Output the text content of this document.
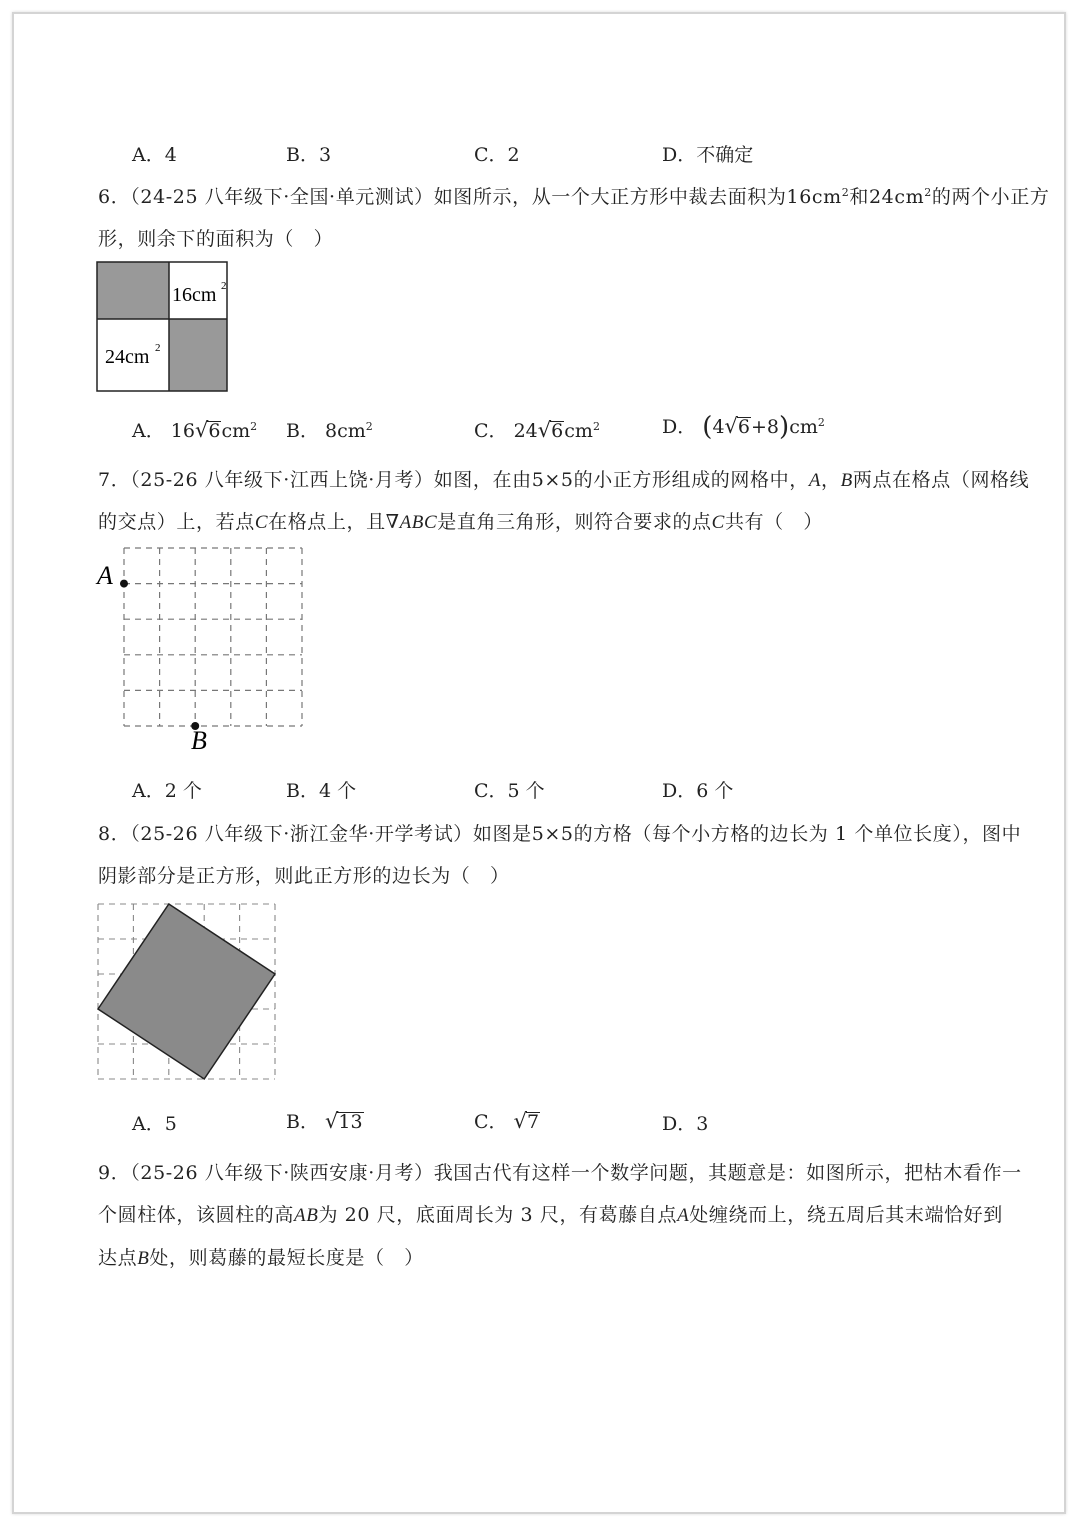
A．4	B．3	C．2	D．不确定
6．（24-25 八年级下·全国·单元测试）如图所示，从一个大正方形中裁去面积为$16cm^2$和$24cm^2$的两个小正方
形，则余下的面积为（　）
16cm 2
24cm 2
A． $16√6cm^2$ B． $8cm^2$	C． $24√6cm^2$	D． $(4√6+8)cm^2$
7．（25-26 八年级下·江西上饶·月考）如图，在由5×5的小正方形组成的网格中，A，B两点在格点（网格线
的交点）上，若点C在格点上，且∇ABC是直角三角形，则符合要求的点C共有（　）
A
B
A．2 个	B．4 个	C．5 个	D．6 个
8．（25-26 八年级下·浙江金华·开学考试）如图是5×5的方格（每个小方格的边长为 1 个单位长度），图中
阴影部分是正方形，则此正方形的边长为（　）
A．5	B． √13	C． √7	D．3
9．（25-26 八年级下·陕西安康·月考）我国古代有这样一个数学问题，其题意是：如图所示，把枯木看作一
个圆柱体，该圆柱的高AB为 20 尺，底面周长为 3 尺，有葛藤自点A处缠绕而上，绕五周后其末端恰好到
达点B处，则葛藤的最短长度是（　）
